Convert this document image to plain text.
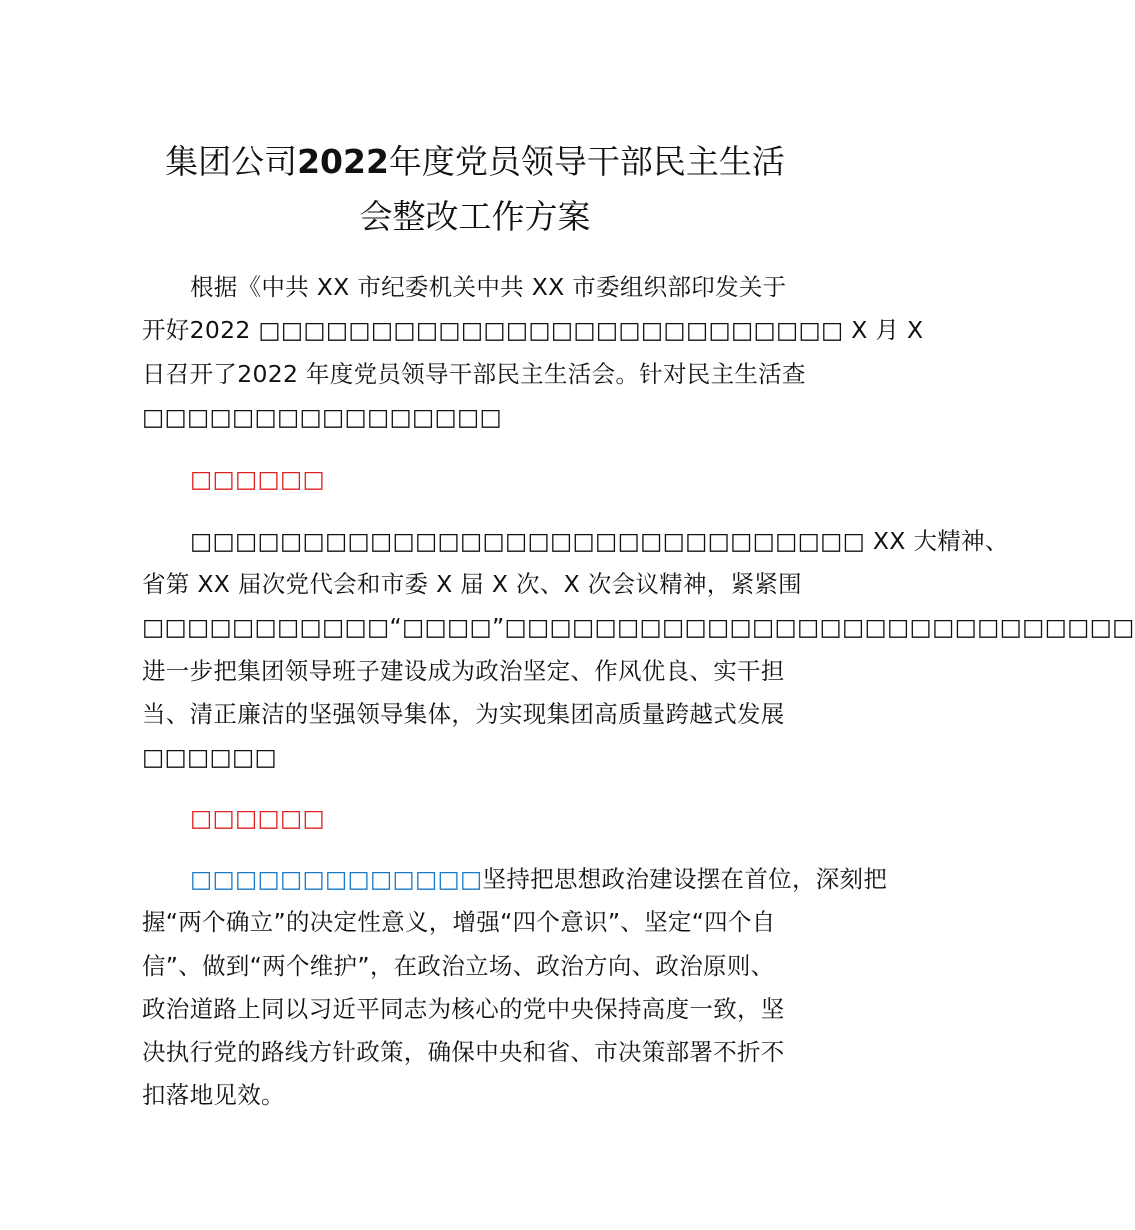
集团公司2022年度党员领导干部民主生活
会整改工作方案
根据《中共 XX 市纪委机关中共 XX 市委组织部印发关于
开好2022 □□□□□□□□□□□□□□□□□□□□□□□□□□ X 月 X
日召开了2022 年度党员领导干部民主生活会。针对民主生活查
□□□□□□□□□□□□□□□□
□□□□□□
□□□□□□□□□□□□□□□□□□□□□□□□□□□□□□ XX 大精神、
省第 XX 届次党代会和市委 X 届 X 次、X 次会议精神，紧紧围
□□□□□□□□□□□“□□□□”□□□□□□□□□□□□□□□□□□□□□□□□□□□□
进一步把集团领导班子建设成为政治坚定、作风优良、实干担
当、清正廉洁的坚强领导集体，为实现集团高质量跨越式发展
□□□□□□
□□□□□□
□□□□□□□□□□□□□坚持把思想政治建设摆在首位，深刻把
握“两个确立”的决定性意义，增强“四个意识”、坚定“四个自
信”、做到“两个维护”，在政治立场、政治方向、政治原则、
政治道路上同以习近平同志为核心的党中央保持高度一致，坚
决执行党的路线方针政策，确保中央和省、市决策部署不折不
扣落地见效。
